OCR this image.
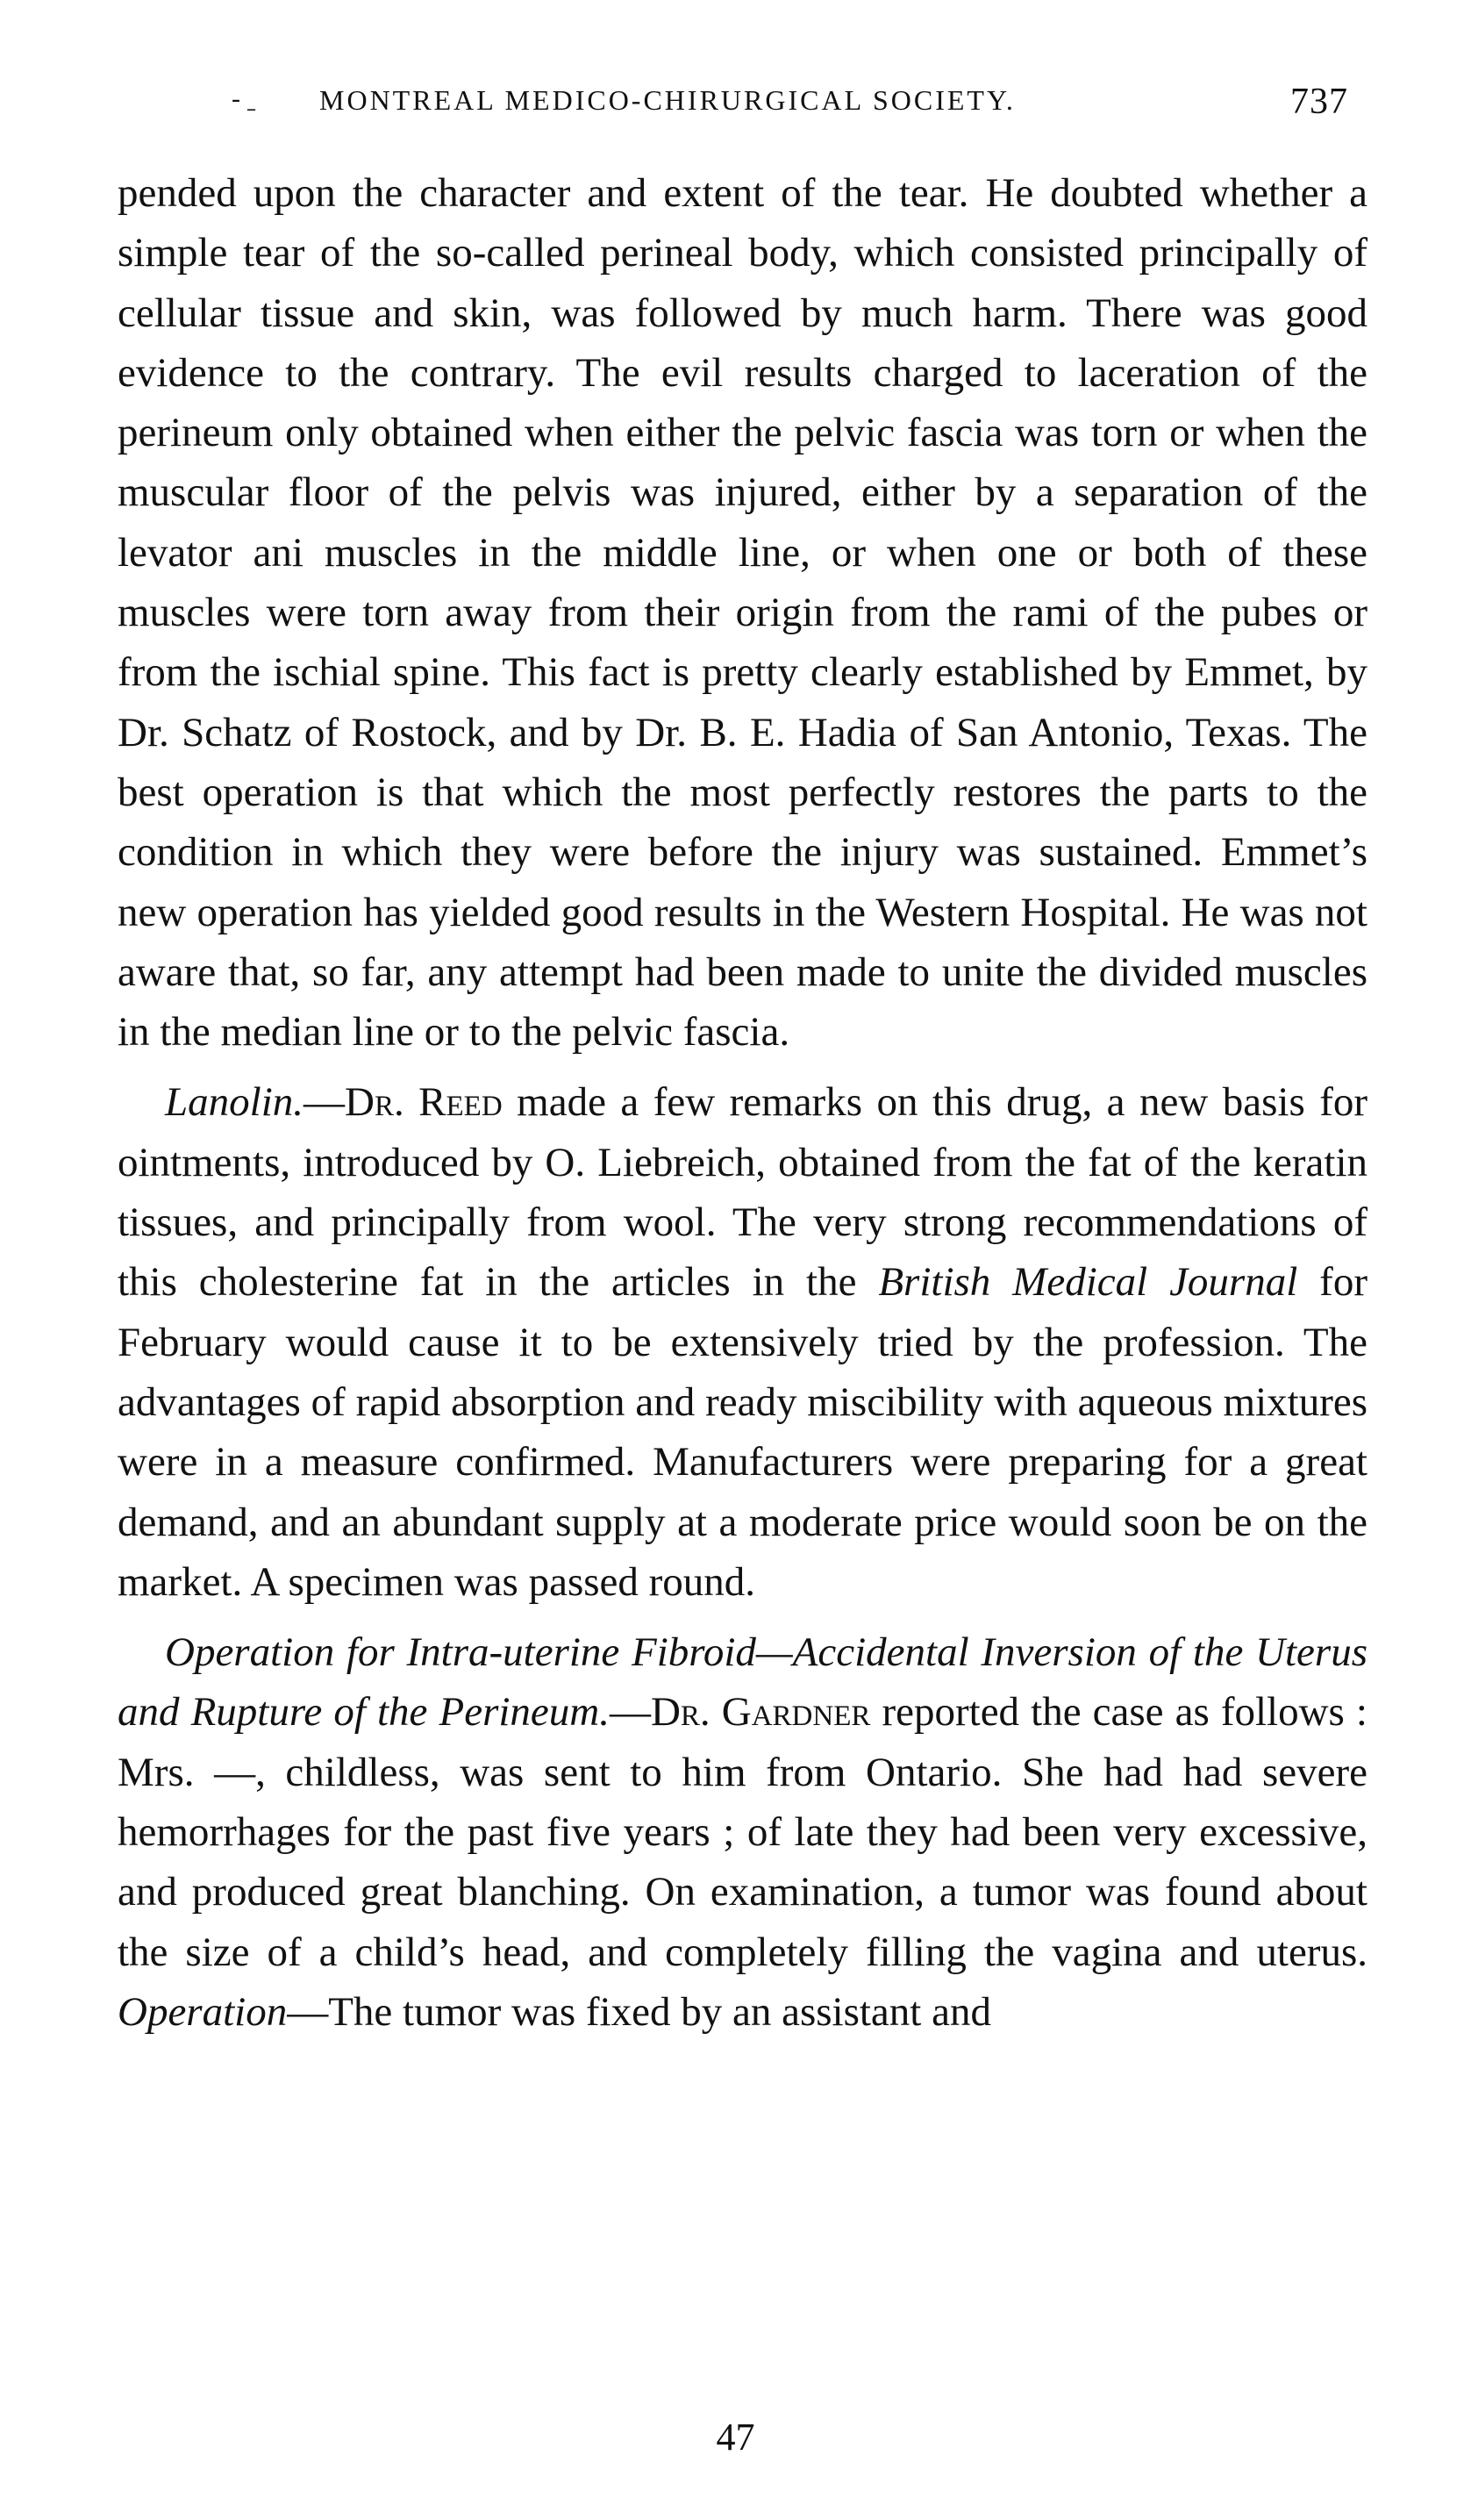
- ˍ MONTREAL MEDICO-CHIRURGICAL SOCIETY.	737

pended upon the character and extent of the tear. He doubted whether a simple tear of the so-called perineal body, which consisted principally of cellular tissue and skin, was followed by much harm. There was good evidence to the contrary. The evil results charged to laceration of the perineum only obtained when either the pelvic fascia was torn or when the muscular floor of the pelvis was injured, either by a separation of the levator ani muscles in the middle line, or when one or both of these muscles were torn away from their origin from the rami of the pubes or from the ischial spine. This fact is pretty clearly established by Emmet, by Dr. Schatz of Rostock, and by Dr. B. E. Hadia of San Antonio, Texas. The best operation is that which the most perfectly restores the parts to the condition in which they were before the injury was sustained. Emmet’s new operation has yielded good results in the Western Hospital. He was not aware that, so far, any attempt had been made to unite the divided muscles in the median line or to the pelvic fascia.

Lanolin.—Dr. Reed made a few remarks on this drug, a new basis for ointments, introduced by O. Liebreich, obtained from the fat of the keratin tissues, and principally from wool. The very strong recommendations of this cholesterine fat in the articles in the British Medical Journal for February would cause it to be extensively tried by the profession. The advantages of rapid absorption and ready miscibility with aqueous mixtures were in a measure confirmed. Manufacturers were preparing for a great demand, and an abundant supply at a moderate price would soon be on the market. A specimen was passed round.

Operation for Intra-uterine Fibroid—Accidental Inversion of the Uterus and Rupture of the Perineum.—Dr. Gardner reported the case as follows : Mrs. —, childless, was sent to him from Ontario. She had had severe hemorrhages for the past five years ; of late they had been very excessive, and produced great blanching. On examination, a tumor was found about the size of a child’s head, and completely filling the vagina and uterus. Operation—The tumor was fixed by an assistant and

47
